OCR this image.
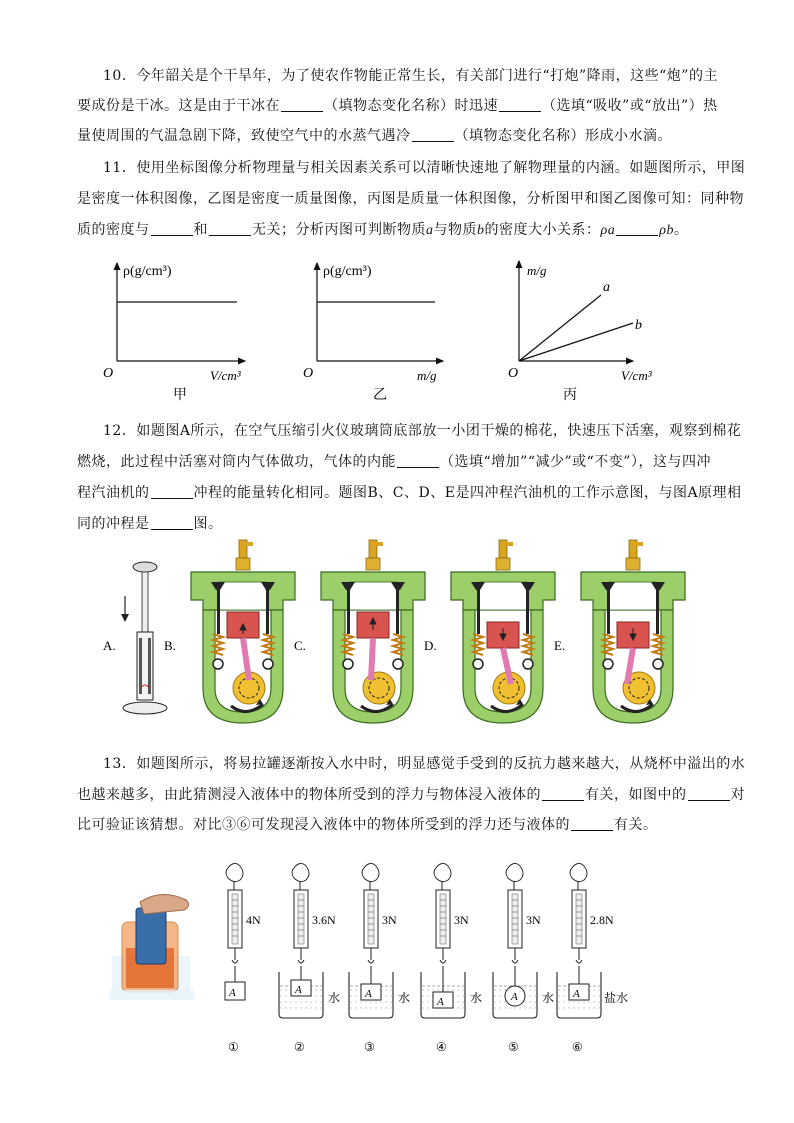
10．今年韶关是个干旱年，为了使农作物能正常生长，有关部门进行“打炮”降雨，这些“炮”的主
要成份是干冰。这是由于干冰在	（填物态变化名称）时迅速	（选填“吸收”或“放出”）热
量使周围的气温急剧下降，致使空气中的水蒸气遇冷	（填物态变化名称）形成小水滴。
11．使用坐标图像分析物理量与相关因素关系可以清晰快速地了解物理量的内涵。如题图所示，甲图
是密度一体积图像，乙图是密度一质量图像，丙图是质量一体积图像，分析图甲和图乙图像可知：同种物
质的密度与	和	无关；分析丙图可判断物质a与物质b的密度大小关系：ρa	ρb。
ρ(g/cm³)
V/cm³
O
甲
ρ(g/cm³)
m/g
O
乙
m/g
V/cm³
O
a
b
丙
12．如题图A所示，在空气压缩引火仪玻璃筒底部放一小团干燥的棉花，快速压下活塞，观察到棉花
燃烧，此过程中活塞对筒内气体做功，气体的内能	（选填“增加”“减少”或“不变”），这与四冲
程汽油机的	冲程的能量转化相同。题图B、C、D、E是四冲程汽油机的工作示意图，与图A原理相
同的冲程是	图。
A.	B.	C.	D.	E.
13．如题图所示，将易拉罐逐渐按入水中时，明显感觉手受到的反抗力越来越大，从烧杯中溢出的水
也越来越多，由此猜测浸入液体中的物体所受到的浮力与物体浸入液体的	有关，如图中的	对
比可验证该猜想。对比③⑥可发现浸入液体中的物体所受到的浮力还与液体的	有关。
A
4N
①
A
3.6N
水
②
A
3N
水
③
A
3N
水
④
A
3N
水
⑤
A
2.8N
盐水
⑥
